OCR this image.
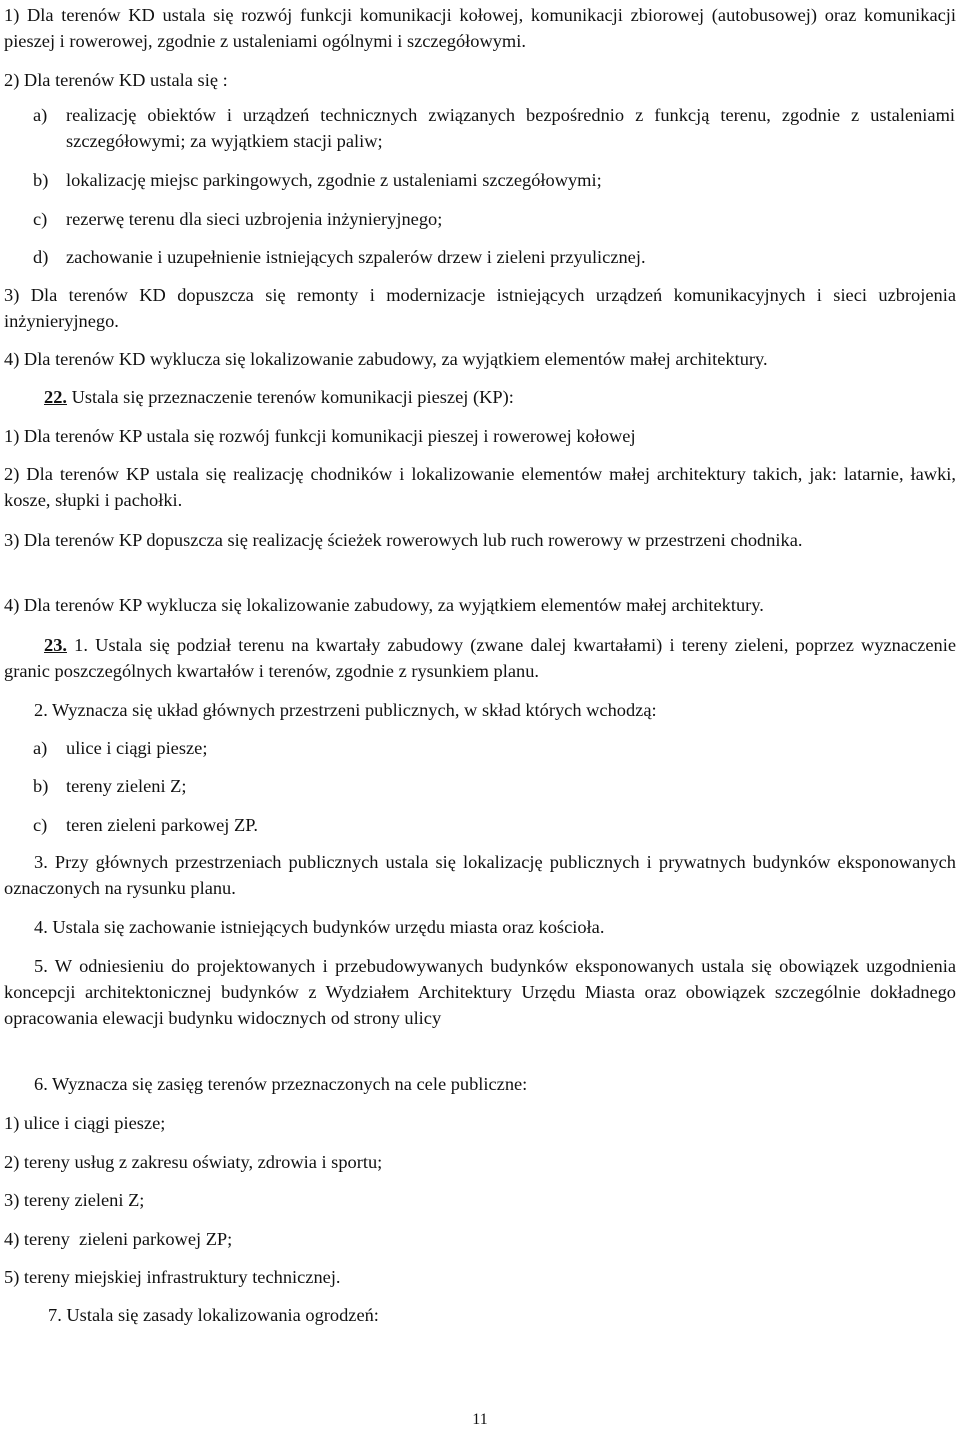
1) Dla terenów KD ustala się rozwój funkcji komunikacji kołowej, komunikacji zbiorowej (autobusowej) oraz komunikacji pieszej i rowerowej, zgodnie z ustaleniami ogólnymi i szczegółowymi.

2) Dla terenów KD ustala się :

a) realizację obiektów i urządzeń technicznych związanych bezpośrednio z funkcją terenu, zgodnie z ustaleniami szczegółowymi; za wyjątkiem stacji paliw;
b) lokalizację miejsc parkingowych, zgodnie z ustaleniami szczegółowymi;
c) rezerwę terenu dla sieci uzbrojenia inżynieryjnego;
d) zachowanie i uzupełnienie istniejących szpalerów drzew i zieleni przyulicznej.

3) Dla terenów KD dopuszcza się remonty i modernizacje istniejących urządzeń komunikacyjnych i sieci uzbrojenia inżynieryjnego.

4) Dla terenów KD wyklucza się lokalizowanie zabudowy, za wyjątkiem elementów małej architektury.

22. Ustala się przeznaczenie terenów komunikacji pieszej (KP):

1) Dla terenów KP ustala się rozwój funkcji komunikacji pieszej i rowerowej kołowej

2) Dla terenów KP ustala się realizację chodników i lokalizowanie elementów małej architektury takich, jak: latarnie, ławki, kosze, słupki i pachołki.

3) Dla terenów KP dopuszcza się realizację ścieżek rowerowych lub ruch rowerowy w przestrzeni chodnika.

4) Dla terenów KP wyklucza się lokalizowanie zabudowy, za wyjątkiem elementów małej architektury.

23. 1. Ustala się podział terenu na kwartały zabudowy (zwane dalej kwartałami) i tereny zieleni, poprzez wyznaczenie granic poszczególnych kwartałów i terenów, zgodnie z rysunkiem planu.

2. Wyznacza się układ głównych przestrzeni publicznych, w skład których wchodzą:

a) ulice i ciągi piesze;
b) tereny zieleni Z;
c) teren zieleni parkowej ZP.

3. Przy głównych przestrzeniach publicznych ustala się lokalizację publicznych i prywatnych budynków eksponowanych oznaczonych na rysunku planu.

4. Ustala się zachowanie istniejących budynków urzędu miasta oraz kościoła.

5. W odniesieniu do projektowanych i przebudowywanych budynków eksponowanych ustala się obowiązek uzgodnienia koncepcji architektonicznej budynków z Wydziałem Architektury Urzędu Miasta oraz obowiązek szczególnie dokładnego opracowania elewacji budynku widocznych od strony ulicy

6. Wyznacza się zasięg terenów przeznaczonych na cele publiczne:

1) ulice i ciągi piesze;

2) tereny usług z zakresu oświaty, zdrowia i sportu;

3) tereny zieleni Z;

4) tereny  zieleni parkowej ZP;

5) tereny miejskiej infrastruktury technicznej.

7. Ustala się zasady lokalizowania ogrodzeń:

11
